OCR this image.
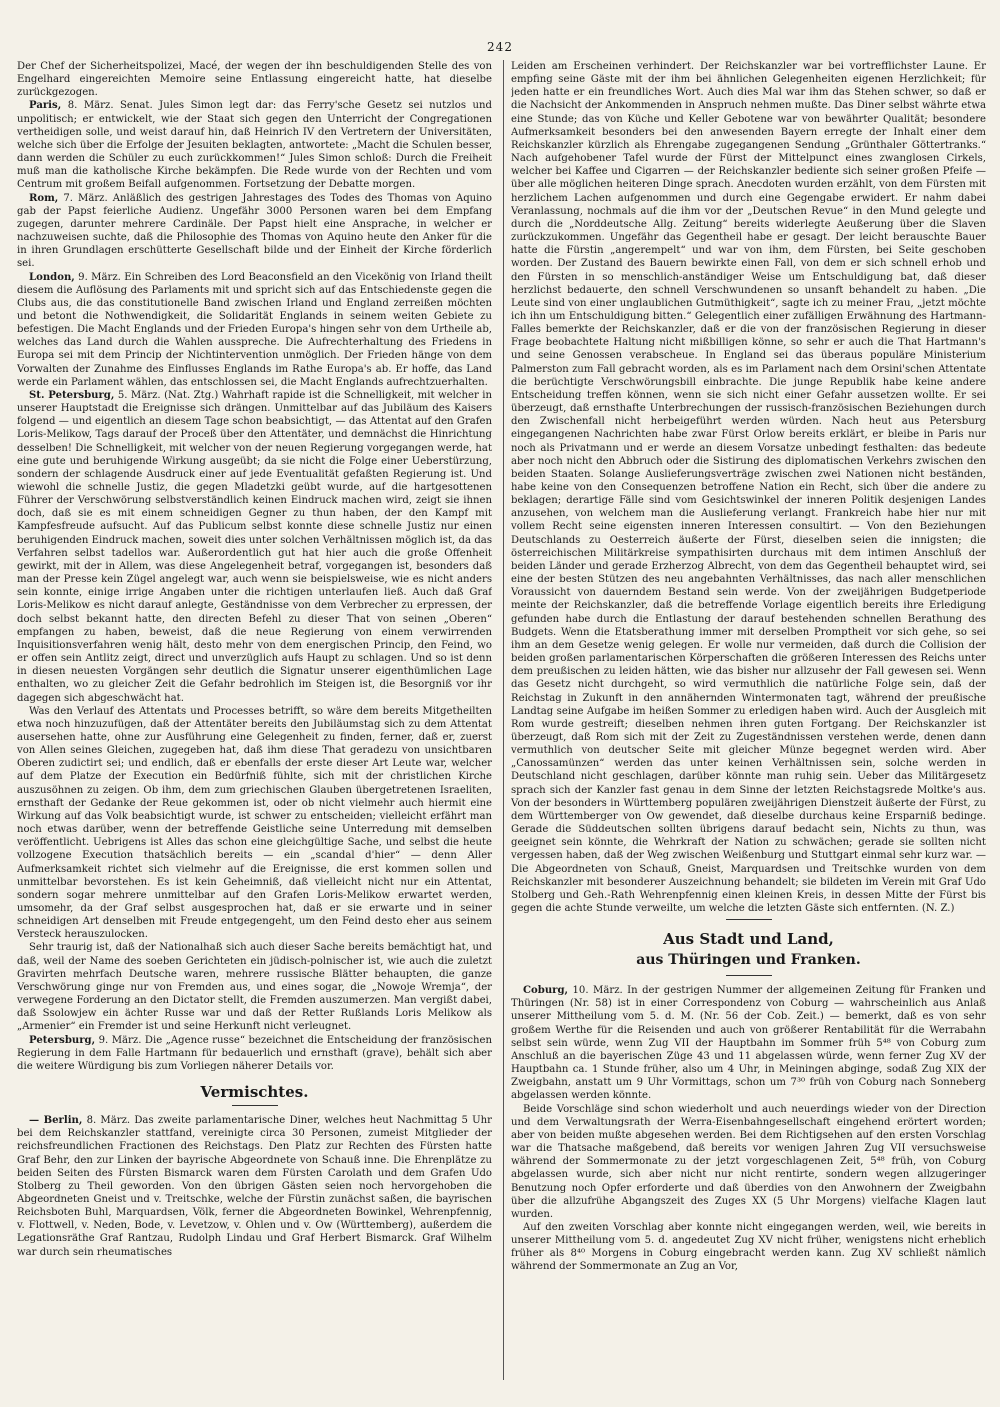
242

Der Chef der Sicherheitspolizei, Macé, der wegen der ihn beschuldigenden Stelle des von Engelhard eingereichten Memoire seine Entlassung eingereicht hatte, hat dieselbe zurückgezogen.

Paris, 8. März. Senat. Jules Simon legt dar: das Ferry'sche Gesetz sei nutzlos und unpolitisch; er entwickelt, wie der Staat sich gegen den Unterricht der Congregationen vertheidigen solle, und weist darauf hin, daß Heinrich IV den Vertretern der Universitäten, welche sich über die Erfolge der Jesuiten beklagten, antwortete: „Macht die Schulen besser, dann werden die Schüler zu euch zurückkommen!“ Jules Simon schloß: Durch die Freiheit muß man die katholische Kirche bekämpfen. Die Rede wurde von der Rechten und vom Centrum mit großem Beifall aufgenommen. Fortsetzung der Debatte morgen.

Rom, 7. März. Anläßlich des gestrigen Jahrestages des Todes des Thomas von Aquino gab der Papst feierliche Audienz. Ungefähr 3000 Personen waren bei dem Empfang zugegen, darunter mehrere Cardinäle. Der Papst hielt eine Ansprache, in welcher er nachzuweisen suchte, daß die Philosophie des Thomas von Aquino heute den Anker für die in ihren Grundlagen erschütterte Gesellschaft bilde und der Einheit der Kirche förderlich sei.

London, 9. März. Ein Schreiben des Lord Beaconsfield an den Vicekönig von Irland theilt diesem die Auflösung des Parlaments mit und spricht sich auf das Entschiedenste gegen die Clubs aus, die das constitutionelle Band zwischen Irland und England zerreißen möchten und betont die Nothwendigkeit, die Solidarität Englands in seinem weiten Gebiete zu befestigen. Die Macht Englands und der Frieden Europa's hingen sehr von dem Urtheile ab, welches das Land durch die Wahlen ausspreche. Die Aufrechterhaltung des Friedens in Europa sei mit dem Princip der Nichtintervention unmöglich. Der Frieden hänge von dem Vorwalten der Zunahme des Einflusses Englands im Rathe Europa's ab. Er hoffe, das Land werde ein Parlament wählen, das entschlossen sei, die Macht Englands aufrechtzuerhalten.

St. Petersburg, 5. März. (Nat. Ztg.) Wahrhaft rapide ist die Schnelligkeit, mit welcher in unserer Hauptstadt die Ereignisse sich drängen. Unmittelbar auf das Jubiläum des Kaisers folgend — und eigentlich an diesem Tage schon beabsichtigt, — das Attentat auf den Grafen Loris-Melikow, Tags darauf der Proceß über den Attentäter, und demnächst die Hinrichtung desselben! Die Schnelligkeit, mit welcher von der neuen Regierung vorgegangen werde, hat eine gute und beruhigende Wirkung ausgeübt; da sie nicht die Folge einer Ueberstürzung, sondern der schlagende Ausdruck einer auf jede Eventualität gefaßten Regierung ist. Und wiewohl die schnelle Justiz, die gegen Mladetzki geübt wurde, auf die hartgesottenen Führer der Verschwörung selbstverständlich keinen Eindruck machen wird, zeigt sie ihnen doch, daß sie es mit einem schneidigen Gegner zu thun haben, der den Kampf mit Kampfesfreude aufsucht. Auf das Publicum selbst konnte diese schnelle Justiz nur einen beruhigenden Eindruck machen, soweit dies unter solchen Verhältnissen möglich ist, da das Verfahren selbst tadellos war. Außerordentlich gut hat hier auch die große Offenheit gewirkt, mit der in Allem, was diese Angelegenheit betraf, vorgegangen ist, besonders daß man der Presse kein Zügel angelegt war, auch wenn sie beispielsweise, wie es nicht anders sein konnte, einige irrige Angaben unter die richtigen unterlaufen ließ. Auch daß Graf Loris-Melikow es nicht darauf anlegte, Geständnisse von dem Verbrecher zu erpressen, der doch selbst bekannt hatte, den directen Befehl zu dieser That von seinen „Oberen“ empfangen zu haben, beweist, daß die neue Regierung von einem verwirrenden Inquisitionsverfahren wenig hält, desto mehr von dem energischen Princip, den Feind, wo er offen sein Antlitz zeigt, direct und unverzüglich aufs Haupt zu schlagen. Und so ist denn in diesen neuesten Vorgängen sehr deutlich die Signatur unserer eigenthümlichen Lage enthalten, wo zu gleicher Zeit die Gefahr bedrohlich im Steigen ist, die Besorgniß vor ihr dagegen sich abgeschwächt hat.

Was den Verlauf des Attentats und Processes betrifft, so wäre dem bereits Mitgetheilten etwa noch hinzuzufügen, daß der Attentäter bereits den Jubiläumstag sich zu dem Attentat ausersehen hatte, ohne zur Ausführung eine Gelegenheit zu finden, ferner, daß er, zuerst von Allen seines Gleichen, zugegeben hat, daß ihm diese That geradezu von unsichtbaren Oberen zudictirt sei; und endlich, daß er ebenfalls der erste dieser Art Leute war, welcher auf dem Platze der Execution ein Bedürfniß fühlte, sich mit der christlichen Kirche auszusöhnen zu zeigen. Ob ihm, dem zum griechischen Glauben übergetretenen Israeliten, ernsthaft der Gedanke der Reue gekommen ist, oder ob nicht vielmehr auch hiermit eine Wirkung auf das Volk beabsichtigt wurde, ist schwer zu entscheiden; vielleicht erfährt man noch etwas darüber, wenn der betreffende Geistliche seine Unterredung mit demselben veröffentlicht. Uebrigens ist Alles das schon eine gleichgültige Sache, und selbst die heute vollzogene Execution thatsächlich bereits — ein „scandal d'hier“ — denn Aller Aufmerksamkeit richtet sich vielmehr auf die Ereignisse, die erst kommen sollen und unmittelbar bevorstehen. Es ist kein Geheimniß, daß vielleicht nicht nur ein Attentat, sondern sogar mehrere unmittelbar auf den Grafen Loris-Melikow erwartet werden, umsomehr, da der Graf selbst ausgesprochen hat, daß er sie erwarte und in seiner schneidigen Art denselben mit Freude entgegengeht, um den Feind desto eher aus seinem Versteck herauszulocken.

Sehr traurig ist, daß der Nationalhaß sich auch dieser Sache bereits bemächtigt hat, und daß, weil der Name des soeben Gerichteten ein jüdisch-polnischer ist, wie auch die zuletzt Gravirten mehrfach Deutsche waren, mehrere russische Blätter behaupten, die ganze Verschwörung ginge nur von Fremden aus, und eines sogar, die „Nowoje Wremja“, der verwegene Forderung an den Dictator stellt, die Fremden auszumerzen. Man vergißt dabei, daß Ssolowjew ein ächter Russe war und daß der Retter Rußlands Loris Melikow als „Armenier“ ein Fremder ist und seine Herkunft nicht verleugnet.

Petersburg, 9. März. Die „Agence russe“ bezeichnet die Entscheidung der französischen Regierung in dem Falle Hartmann für bedauerlich und ernsthaft (grave), behält sich aber die weitere Würdigung bis zum Vorliegen näherer Details vor.

Vermischtes.

— Berlin, 8. März. Das zweite parlamentarische Diner, welches heut Nachmittag 5 Uhr bei dem Reichskanzler stattfand, vereinigte circa 30 Personen, zumeist Mitglieder der reichsfreundlichen Fractionen des Reichstags. Den Platz zur Rechten des Fürsten hatte Graf Behr, den zur Linken der bayrische Abgeordnete von Schauß inne. Die Ehrenplätze zu beiden Seiten des Fürsten Bismarck waren dem Fürsten Carolath und dem Grafen Udo Stolberg zu Theil geworden. Von den übrigen Gästen seien noch hervorgehoben die Abgeordneten Gneist und v. Treitschke, welche der Fürstin zunächst saßen, die bayrischen Reichsboten Buhl, Marquardsen, Völk, ferner die Abgeordneten Bowinkel, Wehrenpfennig, v. Flottwell, v. Neden, Bode, v. Levetzow, v. Ohlen und v. Ow (Württemberg), außerdem die Legationsräthe Graf Rantzau, Rudolph Lindau und Graf Herbert Bismarck. Graf Wilhelm war durch sein rheumatisches

Leiden am Erscheinen verhindert. Der Reichskanzler war bei vortrefflichster Laune. Er empfing seine Gäste mit der ihm bei ähnlichen Gelegenheiten eigenen Herzlichkeit; für jeden hatte er ein freundliches Wort. Auch dies Mal war ihm das Stehen schwer, so daß er die Nachsicht der Ankommenden in Anspruch nehmen mußte. Das Diner selbst währte etwa eine Stunde; das von Küche und Keller Gebotene war von bewährter Qualität; besondere Aufmerksamkeit besonders bei den anwesenden Bayern erregte der Inhalt einer dem Reichskanzler kürzlich als Ehrengabe zugegangenen Sendung „Grünthaler Göttertranks.“ Nach aufgehobener Tafel wurde der Fürst der Mittelpunct eines zwanglosen Cirkels, welcher bei Kaffee und Cigarren — der Reichskanzler bediente sich seiner großen Pfeife — über alle möglichen heiteren Dinge sprach. Anecdoten wurden erzählt, von dem Fürsten mit herzlichem Lachen aufgenommen und durch eine Gegengabe erwidert. Er nahm dabei Veranlassung, nochmals auf die ihm vor der „Deutschen Revue“ in den Mund gelegte und durch die „Norddeutsche Allg. Zeitung“ bereits widerlegte Aeußerung über die Slaven zurückzukommen. Ungefähr das Gegentheil habe er gesagt. Der leicht berauschte Bauer hatte die Fürstin „angerempelt“ und war von ihm, dem Fürsten, bei Seite geschoben worden. Der Zustand des Bauern bewirkte einen Fall, von dem er sich schnell erhob und den Fürsten in so menschlich-anständiger Weise um Entschuldigung bat, daß dieser herzlichst bedauerte, den schnell Verschwundenen so unsanft behandelt zu haben. „Die Leute sind von einer unglaublichen Gutmüthigkeit“, sagte ich zu meiner Frau, „jetzt möchte ich ihn um Entschuldigung bitten.“ Gelegentlich einer zufälligen Erwähnung des Hartmann-Falles bemerkte der Reichskanzler, daß er die von der französischen Regierung in dieser Frage beobachtete Haltung nicht mißbilligen könne, so sehr er auch die That Hartmann's und seine Genossen verabscheue. In England sei das überaus populäre Ministerium Palmerston zum Fall gebracht worden, als es im Parlament nach dem Orsini'schen Attentate die berüchtigte Verschwörungsbill einbrachte. Die junge Republik habe keine andere Entscheidung treffen können, wenn sie sich nicht einer Gefahr aussetzen wollte. Er sei überzeugt, daß ernsthafte Unterbrechungen der russisch-französischen Beziehungen durch den Zwischenfall nicht herbeigeführt werden würden. Nach heut aus Petersburg eingegangenen Nachrichten habe zwar Fürst Orlow bereits erklärt, er bleibe in Paris nur noch als Privatmann und er werde an diesem Vorsatze unbedingt festhalten: das bedeute aber noch nicht den Abbruch oder die Sistirung des diplomatischen Verkehrs zwischen den beiden Staaten. Solange Auslieferungsverträge zwischen zwei Nationen nicht beständen, habe keine von den Consequenzen betroffene Nation ein Recht, sich über die andere zu beklagen; derartige Fälle sind vom Gesichtswinkel der inneren Politik desjenigen Landes anzusehen, von welchem man die Auslieferung verlangt. Frankreich habe hier nur mit vollem Recht seine eigensten inneren Interessen consultirt. — Von den Beziehungen Deutschlands zu Oesterreich äußerte der Fürst, dieselben seien die innigsten; die österreichischen Militärkreise sympathisirten durchaus mit dem intimen Anschluß der beiden Länder und gerade Erzherzog Albrecht, von dem das Gegentheil behauptet wird, sei eine der besten Stützen des neu angebahnten Verhältnisses, das nach aller menschlichen Voraussicht von dauerndem Bestand sein werde. Von der zweijährigen Budgetperiode meinte der Reichskanzler, daß die betreffende Vorlage eigentlich bereits ihre Erledigung gefunden habe durch die Entlastung der darauf bestehenden schnellen Berathung des Budgets. Wenn die Etatsberathung immer mit derselben Promptheit vor sich gehe, so sei ihm an dem Gesetze wenig gelegen. Er wolle nur vermeiden, daß durch die Collision der beiden großen parlamentarischen Körperschaften die größeren Interessen des Reichs unter dem preußischen zu leiden hätten, wie das bisher nur allzusehr der Fall gewesen sei. Wenn das Gesetz nicht durchgeht, so wird vermuthlich die natürliche Folge sein, daß der Reichstag in Zukunft in den annähernden Wintermonaten tagt, während der preußische Landtag seine Aufgabe im heißen Sommer zu erledigen haben wird. Auch der Ausgleich mit Rom wurde gestreift; dieselben nehmen ihren guten Fortgang. Der Reichskanzler ist überzeugt, daß Rom sich mit der Zeit zu Zugeständnissen verstehen werde, denen dann vermuthlich von deutscher Seite mit gleicher Münze begegnet werden wird. Aber „Canossamünzen“ werden das unter keinen Verhältnissen sein, solche werden in Deutschland nicht geschlagen, darüber könnte man ruhig sein. Ueber das Militärgesetz sprach sich der Kanzler fast genau in dem Sinne der letzten Reichstagsrede Moltke's aus. Von der besonders in Württemberg populären zweijährigen Dienstzeit äußerte der Fürst, zu dem Württemberger von Ow gewendet, daß dieselbe durchaus keine Ersparniß bedinge. Gerade die Süddeutschen sollten übrigens darauf bedacht sein, Nichts zu thun, was geeignet sein könnte, die Wehrkraft der Nation zu schwächen; gerade sie sollten nicht vergessen haben, daß der Weg zwischen Weißenburg und Stuttgart einmal sehr kurz war. — Die Abgeordneten von Schauß, Gneist, Marquardsen und Treitschke wurden von dem Reichskanzler mit besonderer Auszeichnung behandelt; sie bildeten im Verein mit Graf Udo Stolberg und Geh.-Rath Wehrenpfennig einen kleinen Kreis, in dessen Mitte der Fürst bis gegen die achte Stunde verweilte, um welche die letzten Gäste sich entfernten. (N. Z.)

Aus Stadt und Land,
aus Thüringen und Franken.

Coburg, 10. März. In der gestrigen Nummer der allgemeinen Zeitung für Franken und Thüringen (Nr. 58) ist in einer Correspondenz von Coburg — wahrscheinlich aus Anlaß unserer Mittheilung vom 5. d. M. (Nr. 56 der Cob. Zeit.) — bemerkt, daß es von sehr großem Werthe für die Reisenden und auch von größerer Rentabilität für die Werrabahn selbst sein würde, wenn Zug VII der Hauptbahn im Sommer früh 5⁴⁸ von Coburg zum Anschluß an die bayerischen Züge 43 und 11 abgelassen würde, wenn ferner Zug XV der Hauptbahn ca. 1 Stunde früher, also um 4 Uhr, in Meiningen abginge, sodaß Zug XIX der Zweigbahn, anstatt um 9 Uhr Vormittags, schon um 7³⁰ früh von Coburg nach Sonneberg abgelassen werden könnte.

Beide Vorschläge sind schon wiederholt und auch neuerdings wieder von der Direction und dem Verwaltungsrath der Werra-Eisenbahngesellschaft eingehend erörtert worden; aber von beiden mußte abgesehen werden. Bei dem Richtigsehen auf den ersten Vorschlag war die Thatsache maßgebend, daß bereits vor wenigen Jahren Zug VII versuchsweise während der Sommermonate zu der jetzt vorgeschlagenen Zeit, 5⁴⁸ früh, von Coburg abgelassen wurde, sich aber nicht nur nicht rentirte, sondern wegen allzugeringer Benutzung noch Opfer erforderte und daß überdies von den Anwohnern der Zweigbahn über die allzufrühe Abgangszeit des Zuges XX (5 Uhr Morgens) vielfache Klagen laut wurden.

Auf den zweiten Vorschlag aber konnte nicht eingegangen werden, weil, wie bereits in unserer Mittheilung vom 5. d. angedeutet Zug XV nicht früher, wenigstens nicht erheblich früher als 8⁴⁰ Morgens in Coburg eingebracht werden kann. Zug XV schließt nämlich während der Sommermonate an Zug an Vor,
